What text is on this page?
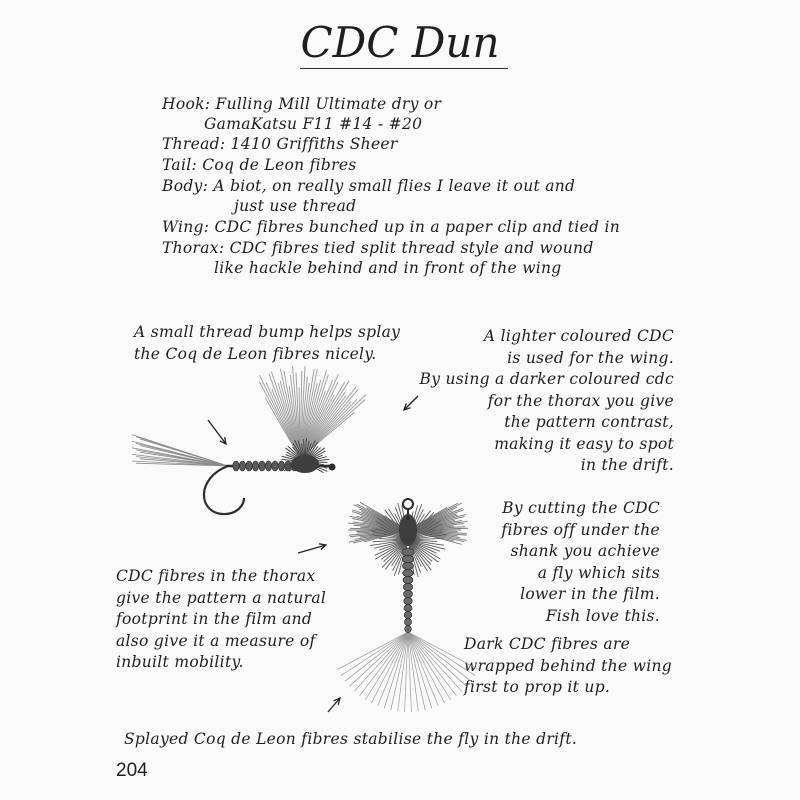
CDC Dun
Hook: Fulling Mill Ultimate dry or
GamaKatsu F11 #14 - #20
Thread: 1410 Griffiths Sheer
Tail: Coq de Leon fibres
Body: A biot, on really small flies I leave it out and
just use thread
Wing: CDC fibres bunched up in a paper clip and tied in
Thorax: CDC fibres tied split thread style and wound
like hackle behind and in front of the wing
A small thread bump helps splay
the Coq de Leon fibres nicely.
A lighter coloured CDC
is used for the wing.
By using a darker coloured cdc
for the thorax you give
the pattern contrast,
making it easy to spot
in the drift.
By cutting the CDC
fibres off under the
shank you achieve
a fly which sits
lower in the film.
Fish love this.
CDC fibres in the thorax
give the pattern a natural
footprint in the film and
also give it a measure of
inbuilt mobility.
Dark CDC fibres are
wrapped behind the wing
first to prop it up.
Splayed Coq de Leon fibres stabilise the fly in the drift.
204
